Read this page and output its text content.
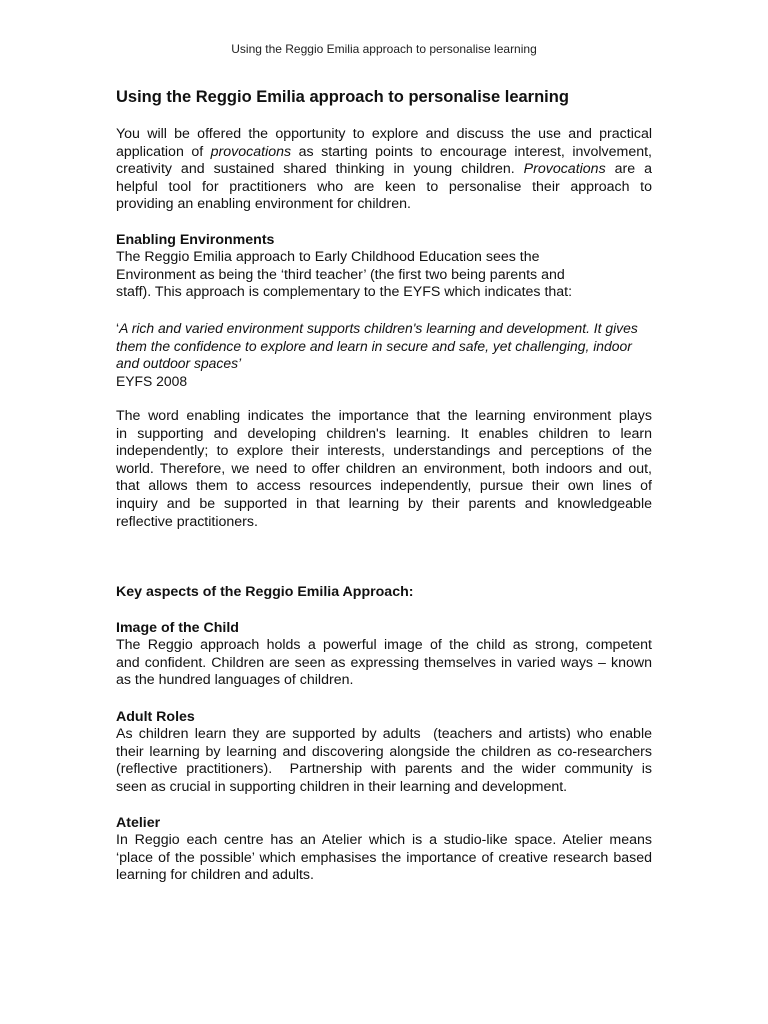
Using the Reggio Emilia approach to personalise learning
Using the Reggio Emilia approach to personalise learning
You will be offered the opportunity to explore and discuss the use and practical
application of provocations as starting points to encourage interest, involvement,
creativity and sustained shared thinking in young children. Provocations are a
helpful tool for practitioners who are keen to personalise their approach to
providing an enabling environment for children.
Enabling Environments
The Reggio Emilia approach to Early Childhood Education sees the
Environment as being the ‘third teacher’ (the first two being parents and
staff). This approach is complementary to the EYFS which indicates that:
‘A rich and varied environment supports children's learning and development. It gives
them the confidence to explore and learn in secure and safe, yet challenging, indoor
and outdoor spaces’
EYFS 2008
The word enabling indicates the importance that the learning environment plays
in supporting and developing children's learning. It enables children to learn
independently; to explore their interests, understandings and perceptions of the
world. Therefore, we need to offer children an environment, both indoors and out,
that allows them to access resources independently, pursue their own lines of
inquiry and be supported in that learning by their parents and knowledgeable
reflective practitioners.
Key aspects of the Reggio Emilia Approach:
Image of the Child
The Reggio approach holds a powerful image of the child as strong, competent
and confident. Children are seen as expressing themselves in varied ways – known
as the hundred languages of children.
Adult Roles
As children learn they are supported by adults  (teachers and artists) who enable
their learning by learning and discovering alongside the children as co-researchers
(reflective practitioners).  Partnership with parents and the wider community is
seen as crucial in supporting children in their learning and development.
Atelier
In Reggio each centre has an Atelier which is a studio-like space. Atelier means
‘place of the possible’ which emphasises the importance of creative research based
learning for children and adults.
